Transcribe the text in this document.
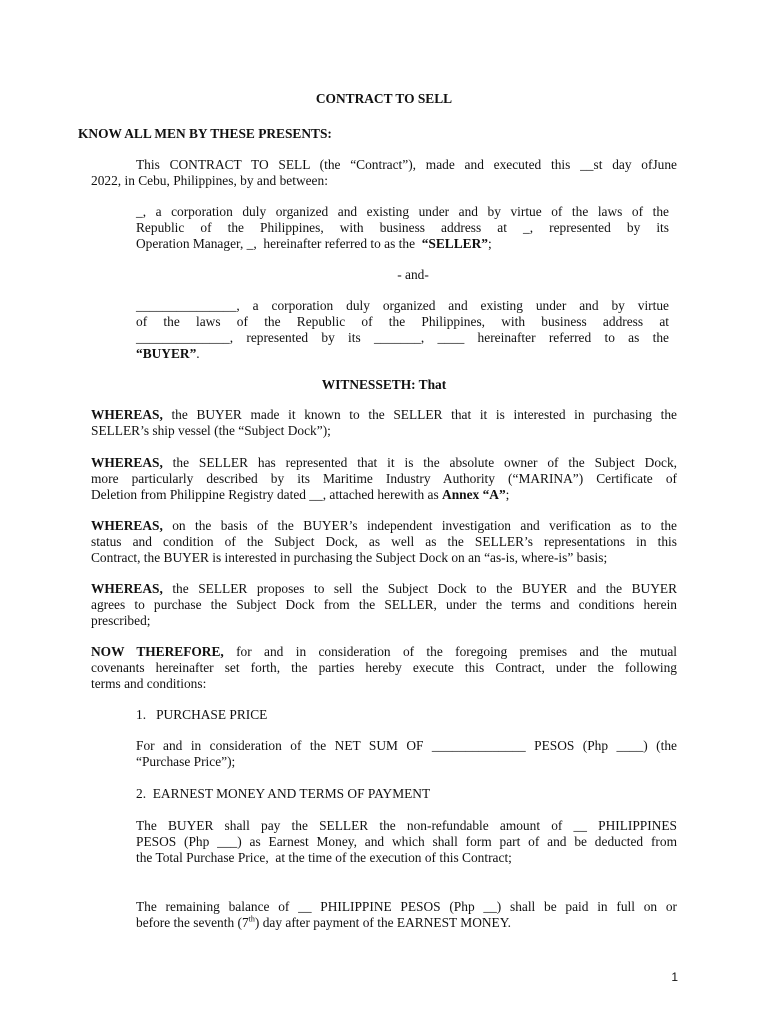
CONTRACT TO SELL
KNOW ALL MEN BY THESE PRESENTS:
This CONTRACT TO SELL (the “Contract”), made and executed this __st day ofJune
2022, in Cebu, Philippines, by and between:
_, a corporation duly organized and existing under and by virtue of the laws of the
Republic of the Philippines, with business address at _, represented by its
Operation Manager, _,  hereinafter referred to as the  “SELLER”;
- and-
_______________, a corporation duly organized and existing under and by virtue
of the laws of the Republic of the Philippines, with business address at
______________, represented by its _______, ____ hereinafter referred to as the
“BUYER”.
WITNESSETH: That
WHEREAS, the BUYER made it known to the SELLER that it is interested in purchasing the
SELLER’s ship vessel (the “Subject Dock”);
WHEREAS, the SELLER has represented that it is the absolute owner of the Subject Dock,
more particularly described by its Maritime Industry Authority (“MARINA”) Certificate of
Deletion from Philippine Registry dated __, attached herewith as Annex “A”;
WHEREAS, on the basis of the BUYER’s independent investigation and verification as to the
status and condition of the Subject Dock, as well as the SELLER’s representations in this
Contract, the BUYER is interested in purchasing the Subject Dock on an “as-is, where-is” basis;
WHEREAS, the SELLER proposes to sell the Subject Dock to the BUYER and the BUYER
agrees to purchase the Subject Dock from the SELLER, under the terms and conditions herein
prescribed;
NOW THEREFORE, for and in consideration of the foregoing premises and the mutual
covenants hereinafter set forth, the parties hereby execute this Contract, under the following
terms and conditions:
1.   PURCHASE PRICE
For and in consideration of the NET SUM OF ______________ PESOS (Php ____) (the
“Purchase Price”);
2.  EARNEST MONEY AND TERMS OF PAYMENT
The BUYER shall pay the SELLER the non-refundable amount of __ PHILIPPINES
PESOS (Php ___) as Earnest Money, and which shall form part of and be deducted from
the Total Purchase Price,  at the time of the execution of this Contract;
The remaining balance of __ PHILIPPINE PESOS (Php __) shall be paid in full on or
before the seventh (7th) day after payment of the EARNEST MONEY.
1
